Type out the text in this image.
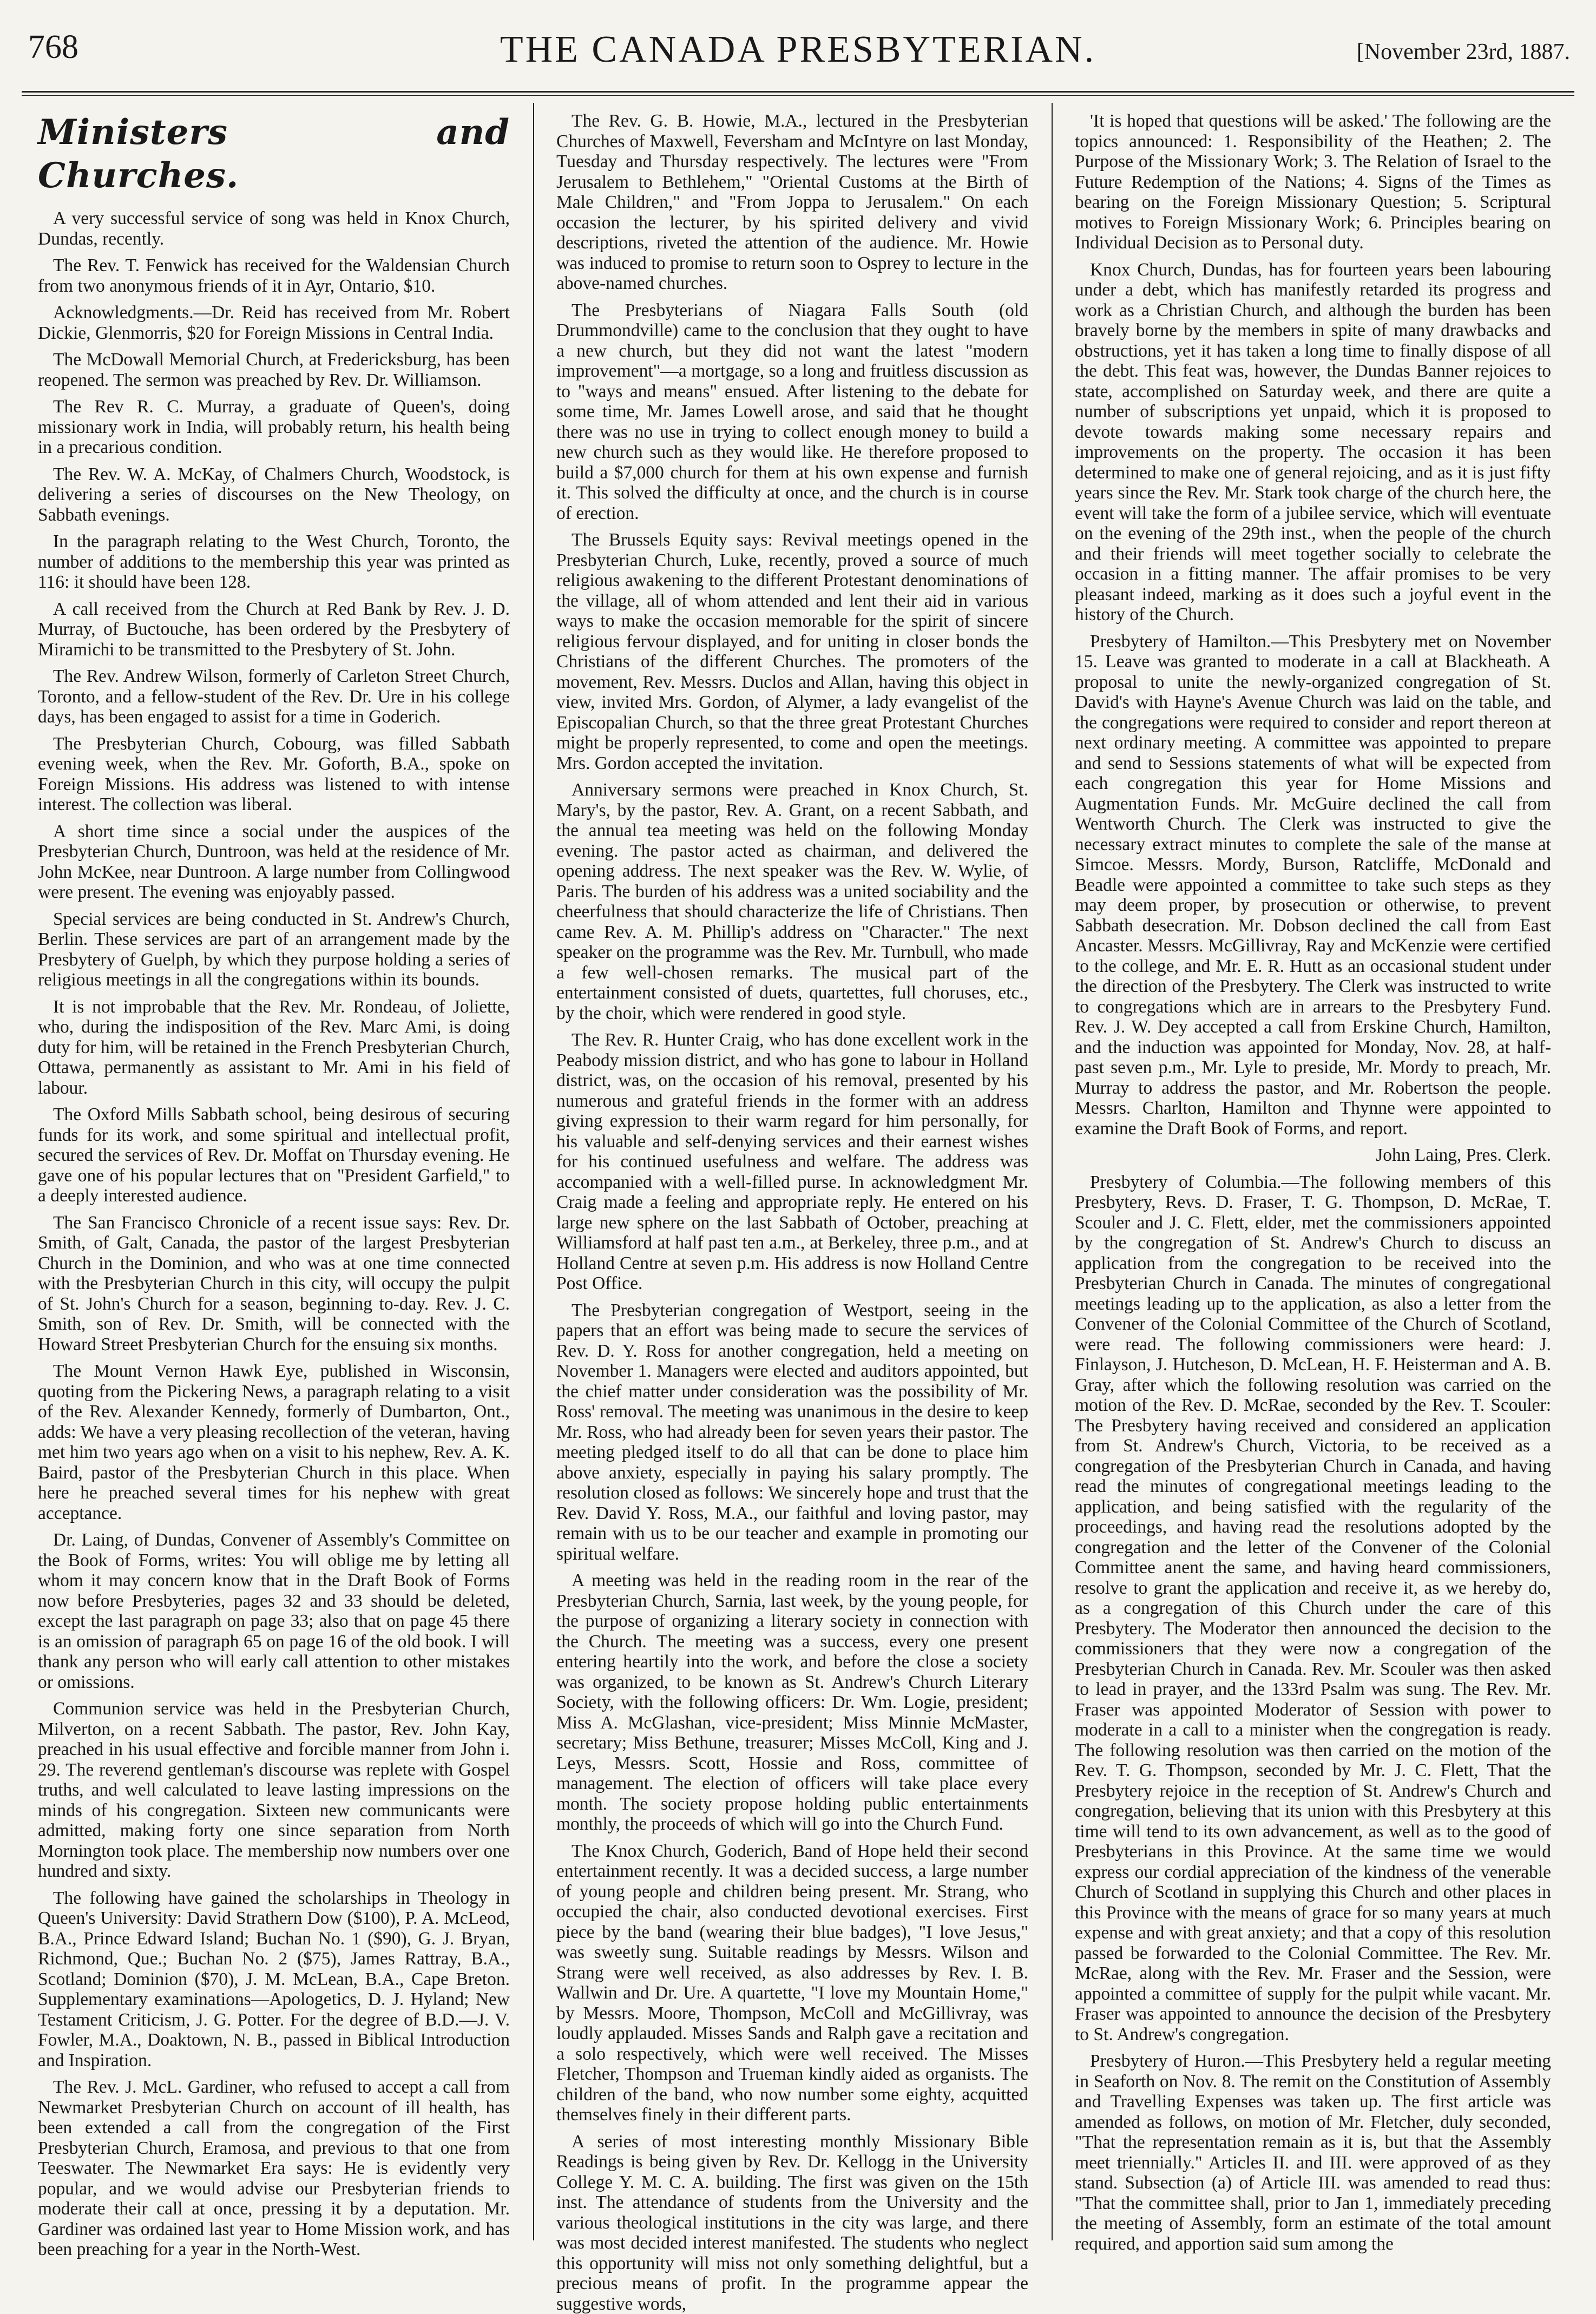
768	THE CANADA PRESBYTERIAN.	[November 23rd, 1887.
Ministers and Churches.

A very successful service of song was held in Knox Church, Dundas, recently.

The Rev. T. Fenwick has received for the Waldensian Church from two anonymous friends of it in Ayr, Ontario, $10.

Acknowledgments.—Dr. Reid has received from Mr. Robert Dickie, Glenmorris, $20 for Foreign Missions in Central India.

The McDowall Memorial Church, at Fredericksburg, has been reopened. The sermon was preached by Rev. Dr. Williamson.

The Rev R. C. Murray, a graduate of Queen's, doing missionary work in India, will probably return, his health being in a precarious condition.

The Rev. W. A. McKay, of Chalmers Church, Woodstock, is delivering a series of discourses on the New Theology, on Sabbath evenings.

In the paragraph relating to the West Church, Toronto, the number of additions to the membership this year was printed as 116: it should have been 128.

A call received from the Church at Red Bank by Rev. J. D. Murray, of Buctouche, has been ordered by the Presbytery of Miramichi to be transmitted to the Presbytery of St. John.

The Rev. Andrew Wilson, formerly of Carleton Street Church, Toronto, and a fellow-student of the Rev. Dr. Ure in his college days, has been engaged to assist for a time in Goderich.

The Presbyterian Church, Cobourg, was filled Sabbath evening week, when the Rev. Mr. Goforth, B.A., spoke on Foreign Missions. His address was listened to with intense interest. The collection was liberal.

A short time since a social under the auspices of the Presbyterian Church, Duntroon, was held at the residence of Mr. John McKee, near Duntroon. A large number from Collingwood were present. The evening was enjoyably passed.

Special services are being conducted in St. Andrew's Church, Berlin. These services are part of an arrangement made by the Presbytery of Guelph, by which they purpose holding a series of religious meetings in all the congregations within its bounds.

It is not improbable that the Rev. Mr. Rondeau, of Joliette, who, during the indisposition of the Rev. Marc Ami, is doing duty for him, will be retained in the French Presbyterian Church, Ottawa, permanently as assistant to Mr. Ami in his field of labour.

The Oxford Mills Sabbath school, being desirous of securing funds for its work, and some spiritual and intellectual profit, secured the services of Rev. Dr. Moffat on Thursday evening. He gave one of his popular lectures that on "President Garfield," to a deeply interested audience.

The San Francisco Chronicle of a recent issue says: Rev. Dr. Smith, of Galt, Canada, the pastor of the largest Presbyterian Church in the Dominion, and who was at one time connected with the Presbyterian Church in this city, will occupy the pulpit of St. John's Church for a season, beginning to-day. Rev. J. C. Smith, son of Rev. Dr. Smith, will be connected with the Howard Street Presbyterian Church for the ensuing six months.

The Mount Vernon Hawk Eye, published in Wisconsin, quoting from the Pickering News, a paragraph relating to a visit of the Rev. Alexander Kennedy, formerly of Dumbarton, Ont., adds: We have a very pleasing recollection of the veteran, having met him two years ago when on a visit to his nephew, Rev. A. K. Baird, pastor of the Presbyterian Church in this place. When here he preached several times for his nephew with great acceptance.

Dr. Laing, of Dundas, Convener of Assembly's Committee on the Book of Forms, writes: You will oblige me by letting all whom it may concern know that in the Draft Book of Forms now before Presbyteries, pages 32 and 33 should be deleted, except the last paragraph on page 33; also that on page 45 there is an omission of paragraph 65 on page 16 of the old book. I will thank any person who will early call attention to other mistakes or omissions.

Communion service was held in the Presbyterian Church, Milverton, on a recent Sabbath. The pastor, Rev. John Kay, preached in his usual effective and forcible manner from John i. 29. The reverend gentleman's discourse was replete with Gospel truths, and well calculated to leave lasting impressions on the minds of his congregation. Sixteen new communicants were admitted, making forty one since separation from North Mornington took place. The membership now numbers over one hundred and sixty.

The following have gained the scholarships in Theology in Queen's University: David Strathern Dow ($100), P. A. McLeod, B.A., Prince Edward Island; Buchan No. 1 ($90), G. J. Bryan, Richmond, Que.; Buchan No. 2 ($75), James Rattray, B.A., Scotland; Dominion ($70), J. M. McLean, B.A., Cape Breton. Supplementary examinations—Apologetics, D. J. Hyland; New Testament Criticism, J. G. Potter. For the degree of B.D.—J. V. Fowler, M.A., Doaktown, N. B., passed in Biblical Introduction and Inspiration.

The Rev. J. McL. Gardiner, who refused to accept a call from Newmarket Presbyterian Church on account of ill health, has been extended a call from the congregation of the First Presbyterian Church, Eramosa, and previous to that one from Teeswater. The Newmarket Era says: He is evidently very popular, and we would advise our Presbyterian friends to moderate their call at once, pressing it by a deputation. Mr. Gardiner was ordained last year to Home Mission work, and has been preaching for a year in the North-West.

The Rev. G. B. Howie, M.A., lectured in the Presbyterian Churches of Maxwell, Feversham and McIntyre on last Monday, Tuesday and Thursday respectively. The lectures were "From Jerusalem to Bethlehem," "Oriental Customs at the Birth of Male Children," and "From Joppa to Jerusalem." On each occasion the lecturer, by his spirited delivery and vivid descriptions, riveted the attention of the audience. Mr. Howie was induced to promise to return soon to Osprey to lecture in the above-named churches.

The Presbyterians of Niagara Falls South (old Drummondville) came to the conclusion that they ought to have a new church, but they did not want the latest "modern improvement"—a mortgage, so a long and fruitless discussion as to "ways and means" ensued. After listening to the debate for some time, Mr. James Lowell arose, and said that he thought there was no use in trying to collect enough money to build a new church such as they would like. He therefore proposed to build a $7,000 church for them at his own expense and furnish it. This solved the difficulty at once, and the church is in course of erection.

The Brussels Equity says: Revival meetings opened in the Presbyterian Church, Luke, recently, proved a source of much religious awakening to the different Protestant denominations of the village, all of whom attended and lent their aid in various ways to make the occasion memorable for the spirit of sincere religious fervour displayed, and for uniting in closer bonds the Christians of the different Churches. The promoters of the movement, Rev. Messrs. Duclos and Allan, having this object in view, invited Mrs. Gordon, of Alymer, a lady evangelist of the Episcopalian Church, so that the three great Protestant Churches might be properly represented, to come and open the meetings. Mrs. Gordon accepted the invitation.

Anniversary sermons were preached in Knox Church, St. Mary's, by the pastor, Rev. A. Grant, on a recent Sabbath, and the annual tea meeting was held on the following Monday evening. The pastor acted as chairman, and delivered the opening address. The next speaker was the Rev. W. Wylie, of Paris. The burden of his address was a united sociability and the cheerfulness that should characterize the life of Christians. Then came Rev. A. M. Phillip's address on "Character." The next speaker on the programme was the Rev. Mr. Turnbull, who made a few well-chosen remarks. The musical part of the entertainment consisted of duets, quartettes, full choruses, etc., by the choir, which were rendered in good style.

The Rev. R. Hunter Craig, who has done excellent work in the Peabody mission district, and who has gone to labour in Holland district, was, on the occasion of his removal, presented by his numerous and grateful friends in the former with an address giving expression to their warm regard for him personally, for his valuable and self-denying services and their earnest wishes for his continued usefulness and welfare. The address was accompanied with a well-filled purse. In acknowledgment Mr. Craig made a feeling and appropriate reply. He entered on his large new sphere on the last Sabbath of October, preaching at Williamsford at half past ten a.m., at Berkeley, three p.m., and at Holland Centre at seven p.m. His address is now Holland Centre Post Office.

The Presbyterian congregation of Westport, seeing in the papers that an effort was being made to secure the services of Rev. D. Y. Ross for another congregation, held a meeting on November 1. Managers were elected and auditors appointed, but the chief matter under consideration was the possibility of Mr. Ross' removal. The meeting was unanimous in the desire to keep Mr. Ross, who had already been for seven years their pastor. The meeting pledged itself to do all that can be done to place him above anxiety, especially in paying his salary promptly. The resolution closed as follows: We sincerely hope and trust that the Rev. David Y. Ross, M.A., our faithful and loving pastor, may remain with us to be our teacher and example in promoting our spiritual welfare.

A meeting was held in the reading room in the rear of the Presbyterian Church, Sarnia, last week, by the young people, for the purpose of organizing a literary society in connection with the Church. The meeting was a success, every one present entering heartily into the work, and before the close a society was organized, to be known as St. Andrew's Church Literary Society, with the following officers: Dr. Wm. Logie, president; Miss A. McGlashan, vice-president; Miss Minnie McMaster, secretary; Miss Bethune, treasurer; Misses McColl, King and J. Leys, Messrs. Scott, Hossie and Ross, committee of management. The election of officers will take place every month. The society propose holding public entertainments monthly, the proceeds of which will go into the Church Fund.

The Knox Church, Goderich, Band of Hope held their second entertainment recently. It was a decided success, a large number of young people and children being present. Mr. Strang, who occupied the chair, also conducted devotional exercises. First piece by the band (wearing their blue badges), "I love Jesus," was sweetly sung. Suitable readings by Messrs. Wilson and Strang were well received, as also addresses by Rev. I. B. Wallwin and Dr. Ure. A quartette, "I love my Mountain Home," by Messrs. Moore, Thompson, McColl and McGillivray, was loudly applauded. Misses Sands and Ralph gave a recitation and a solo respectively, which were well received. The Misses Fletcher, Thompson and Trueman kindly aided as organists. The children of the band, who now number some eighty, acquitted themselves finely in their different parts.

A series of most interesting monthly Missionary Bible Readings is being given by Rev. Dr. Kellogg in the University College Y. M. C. A. building. The first was given on the 15th inst. The attendance of students from the University and the various theological institutions in the city was large, and there was most decided interest manifested. The students who neglect this opportunity will miss not only something delightful, but a precious means of profit. In the programme appear the suggestive words,

'It is hoped that questions will be asked.' The following are the topics announced: 1. Responsibility of the Heathen; 2. The Purpose of the Missionary Work; 3. The Relation of Israel to the Future Redemption of the Nations; 4. Signs of the Times as bearing on the Foreign Missionary Question; 5. Scriptural motives to Foreign Missionary Work; 6. Principles bearing on Individual Decision as to Personal duty.

Knox Church, Dundas, has for fourteen years been labouring under a debt, which has manifestly retarded its progress and work as a Christian Church, and although the burden has been bravely borne by the members in spite of many drawbacks and obstructions, yet it has taken a long time to finally dispose of all the debt. This feat was, however, the Dundas Banner rejoices to state, accomplished on Saturday week, and there are quite a number of subscriptions yet unpaid, which it is proposed to devote towards making some necessary repairs and improvements on the property. The occasion it has been determined to make one of general rejoicing, and as it is just fifty years since the Rev. Mr. Stark took charge of the church here, the event will take the form of a jubilee service, which will eventuate on the evening of the 29th inst., when the people of the church and their friends will meet together socially to celebrate the occasion in a fitting manner. The affair promises to be very pleasant indeed, marking as it does such a joyful event in the history of the Church.

Presbytery of Hamilton.—This Presbytery met on November 15. Leave was granted to moderate in a call at Blackheath. A proposal to unite the newly-organized congregation of St. David's with Hayne's Avenue Church was laid on the table, and the congregations were required to consider and report thereon at next ordinary meeting. A committee was appointed to prepare and send to Sessions statements of what will be expected from each congregation this year for Home Missions and Augmentation Funds. Mr. McGuire declined the call from Wentworth Church. The Clerk was instructed to give the necessary extract minutes to complete the sale of the manse at Simcoe. Messrs. Mordy, Burson, Ratcliffe, McDonald and Beadle were appointed a committee to take such steps as they may deem proper, by prosecution or otherwise, to prevent Sabbath desecration. Mr. Dobson declined the call from East Ancaster. Messrs. McGillivray, Ray and McKenzie were certified to the college, and Mr. E. R. Hutt as an occasional student under the direction of the Presbytery. The Clerk was instructed to write to congregations which are in arrears to the Presbytery Fund. Rev. J. W. Dey accepted a call from Erskine Church, Hamilton, and the induction was appointed for Monday, Nov. 28, at half-past seven p.m., Mr. Lyle to preside, Mr. Mordy to preach, Mr. Murray to address the pastor, and Mr. Robertson the people. Messrs. Charlton, Hamilton and Thynne were appointed to examine the Draft Book of Forms, and report.

John Laing, Pres. Clerk.

Presbytery of Columbia.—The following members of this Presbytery, Revs. D. Fraser, T. G. Thompson, D. McRae, T. Scouler and J. C. Flett, elder, met the commissioners appointed by the congregation of St. Andrew's Church to discuss an application from the congregation to be received into the Presbyterian Church in Canada. The minutes of congregational meetings leading up to the application, as also a letter from the Convener of the Colonial Committee of the Church of Scotland, were read. The following commissioners were heard: J. Finlayson, J. Hutcheson, D. McLean, H. F. Heisterman and A. B. Gray, after which the following resolution was carried on the motion of the Rev. D. McRae, seconded by the Rev. T. Scouler: The Presbytery having received and considered an application from St. Andrew's Church, Victoria, to be received as a congregation of the Presbyterian Church in Canada, and having read the minutes of congregational meetings leading to the application, and being satisfied with the regularity of the proceedings, and having read the resolutions adopted by the congregation and the letter of the Convener of the Colonial Committee anent the same, and having heard commissioners, resolve to grant the application and receive it, as we hereby do, as a congregation of this Church under the care of this Presbytery. The Moderator then announced the decision to the commissioners that they were now a congregation of the Presbyterian Church in Canada. Rev. Mr. Scouler was then asked to lead in prayer, and the 133rd Psalm was sung. The Rev. Mr. Fraser was appointed Moderator of Session with power to moderate in a call to a minister when the congregation is ready. The following resolution was then carried on the motion of the Rev. T. G. Thompson, seconded by Mr. J. C. Flett, That the Presbytery rejoice in the reception of St. Andrew's Church and congregation, believing that its union with this Presbytery at this time will tend to its own advancement, as well as to the good of Presbyterians in this Province. At the same time we would express our cordial appreciation of the kindness of the venerable Church of Scotland in supplying this Church and other places in this Province with the means of grace for so many years at much expense and with great anxiety; and that a copy of this resolution passed be forwarded to the Colonial Committee. The Rev. Mr. McRae, along with the Rev. Mr. Fraser and the Session, were appointed a committee of supply for the pulpit while vacant. Mr. Fraser was appointed to announce the decision of the Presbytery to St. Andrew's congregation.

Presbytery of Huron.—This Presbytery held a regular meeting in Seaforth on Nov. 8. The remit on the Constitution of Assembly and Travelling Expenses was taken up. The first article was amended as follows, on motion of Mr. Fletcher, duly seconded, "That the representation remain as it is, but that the Assembly meet triennially." Articles II. and III. were approved of as they stand. Subsection (a) of Article III. was amended to read thus: "That the committee shall, prior to Jan 1, immediately preceding the meeting of Assembly, form an estimate of the total amount required, and apportion said sum among the
